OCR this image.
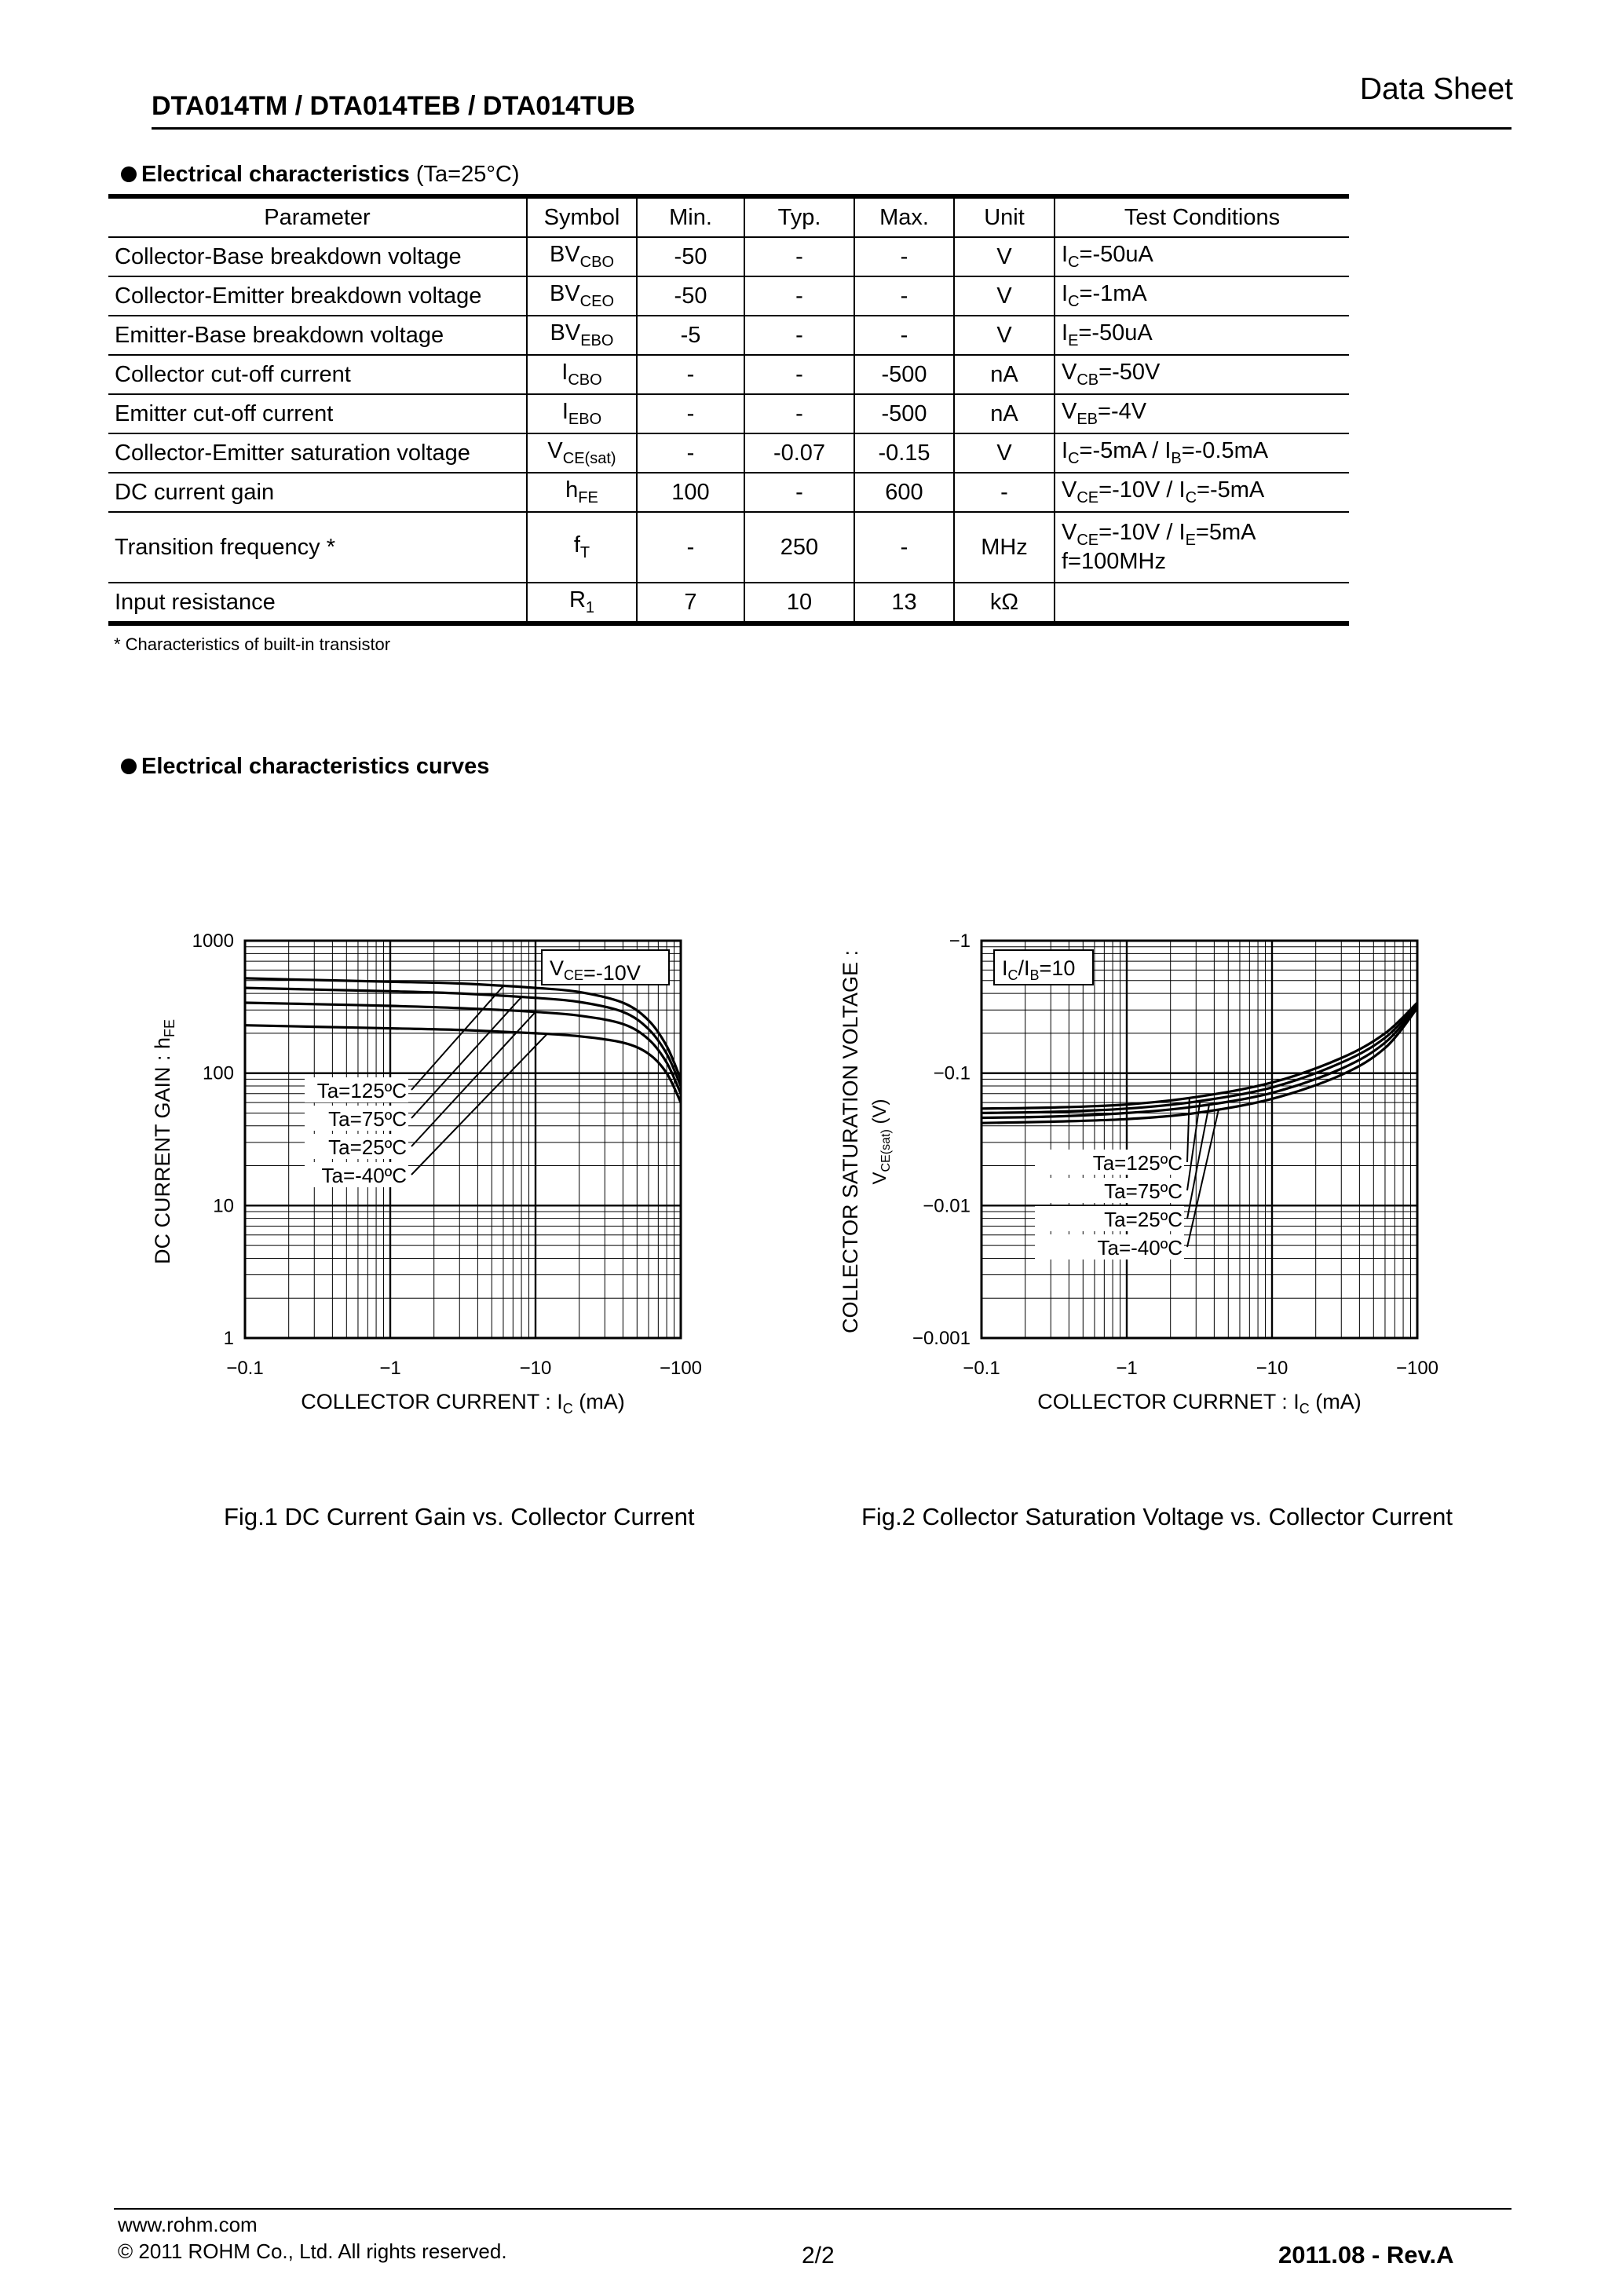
DTA014TM / DTA014TEB / DTA014TUB	Data Sheet
Electrical characteristics (Ta=25°C)
Parameter	Symbol	Min.	Typ.	Max.	Unit	Test Conditions
Collector-Base breakdown voltage	$BV_{CBO}$	-50	-	-	V	$I_C=-50uA$

Collector-Emitter breakdown voltage	$BV_{CEO}$	-50	-	-	V	$I_C=-1mA$

Emitter-Base breakdown voltage	$BV_{EBO}$	-5	-	-	V	$I_E=-50uA$

Collector cut-off current	$I_{CBO}$	-	-	-500	nA	$V_{CB}=-50V$

Emitter cut-off current	$I_{EBO}$	-	-	-500	nA	$V_{EB}=-4V$

Collector-Emitter saturation voltage	$V_{CE(sat)}$	-	-0.07	-0.15	V	$I_C=-5mA / I_B=-0.5mA$

DC current gain	$h_{FE}$	100	-	600	-	$V_{CE}=-10V / I_C=-5mA$

Transition frequency *	$f_T$	-	250	-	MHz	$V_{CE}=-10V / I_E=5mA$
f=100MHz

Input resistance	$R_1$	7	10	13	kΩ	
* Characteristics of built-in transistor
Electrical characteristics curves
−0.1	−1	−10	−100
1
10
100
1000
Ta=125ºC
Ta=75ºC
Ta=25ºC
Ta=-40ºC
$V_{CE}=-10V$
COLLECTOR CURRENT : $I_C$ (mA)
DC CURRENT GAIN : $h_{FE}$
−0.1	−1	−10	−100
−0.001
−0.01
−0.1
−1
Ta=125ºC
Ta=75ºC
Ta=25ºC
Ta=-40ºC
$I_C/I_B=10$
COLLECTOR CURRNET : $I_C$ (mA)
COLLECTOR SATURATION VOLTAGE : $V_{CE(sat)}$ (V)
Fig.1 DC Current Gain vs. Collector Current	Fig.2 Collector Saturation Voltage vs. Collector Current
www.rohm.com
© 2011 ROHM Co., Ltd. All rights reserved.	2/2	2011.08 - Rev.A
